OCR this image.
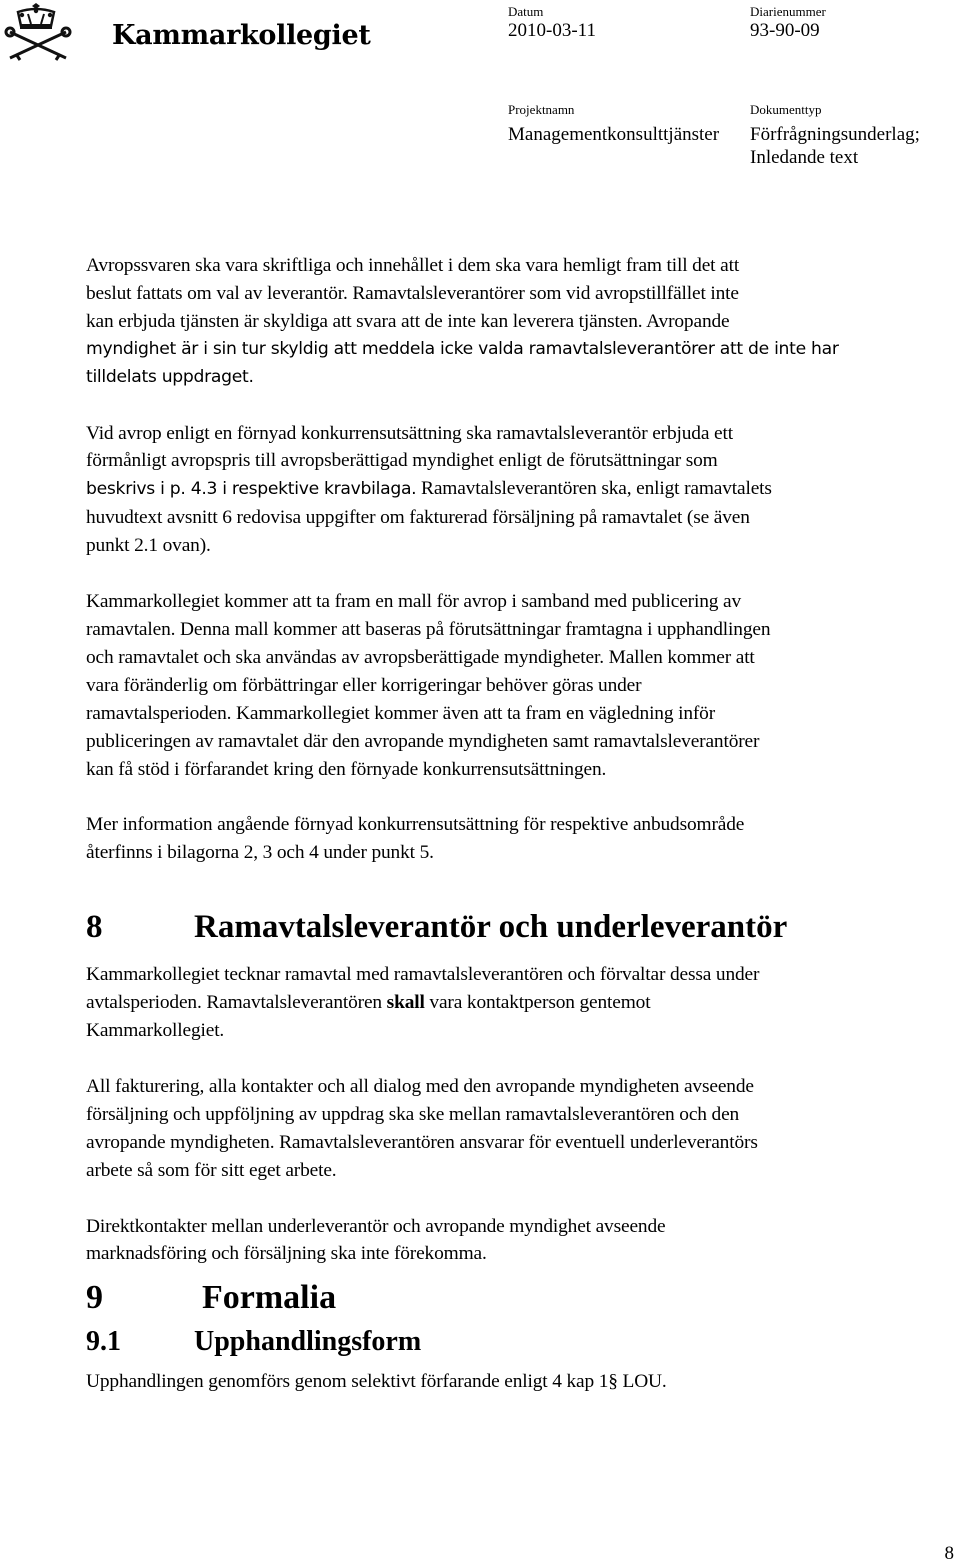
Kammarkollegiet
Datum
2010-03-11
Diarienummer
93-90-09
Projektnamn
Managementkonsulttjänster
Dokumenttyp
Förfrågningsunderlag;
Inledande text

Avropssvaren ska vara skriftliga och innehållet i dem ska vara hemligt fram till det att

beslut fattats om val av leverantör. Ramavtalsleverantörer som vid avropstillfället inte

kan erbjuda tjänsten är skyldiga att svara att de inte kan leverera tjänsten. Avropande

myndighet är i sin tur skyldig att meddela icke valda ramavtalsleverantörer att de inte har

tilldelats uppdraget.

Vid avrop enligt en förnyad konkurrensutsättning ska ramavtalsleverantör erbjuda ett

förmånligt avropspris till avropsberättigad myndighet enligt de förutsättningar som

beskrivs i p. 4.3 i respektive kravbilaga. Ramavtalsleverantören ska, enligt ramavtalets

huvudtext avsnitt 6 redovisa uppgifter om fakturerad försäljning på ramavtalet (se även

punkt 2.1 ovan).

Kammarkollegiet kommer att ta fram en mall för avrop i samband med publicering av

ramavtalen. Denna mall kommer att baseras på förutsättningar framtagna i upphandlingen

och ramavtalet och ska användas av avropsberättigade myndigheter. Mallen kommer att

vara föränderlig om förbättringar eller korrigeringar behöver göras under

ramavtalsperioden. Kammarkollegiet kommer även att ta fram en vägledning inför

publiceringen av ramavtalet där den avropande myndigheten samt ramavtalsleverantörer

kan få stöd i förfarandet kring den förnyade konkurrensutsättningen.

Mer information angående förnyad konkurrensutsättning för respektive anbudsområde

återfinns i bilagorna 2, 3 och 4 under punkt 5.

8	Ramavtalsleverantör och underleverantör

Kammarkollegiet tecknar ramavtal med ramavtalsleverantören och förvaltar dessa under

avtalsperioden. Ramavtalsleverantören skall vara kontaktperson gentemot

Kammarkollegiet.

All fakturering, alla kontakter och all dialog med den avropande myndigheten avseende

försäljning och uppföljning av uppdrag ska ske mellan ramavtalsleverantören och den

avropande myndigheten. Ramavtalsleverantören ansvarar för eventuell underleverantörs

arbete så som för sitt eget arbete.

Direktkontakter mellan underleverantör och avropande myndighet avseende

marknadsföring och försäljning ska inte förekomma.

9	Formalia
9.1	Upphandlingsform

Upphandlingen genomförs genom selektivt förfarande enligt 4 kap 1§ LOU.

8
